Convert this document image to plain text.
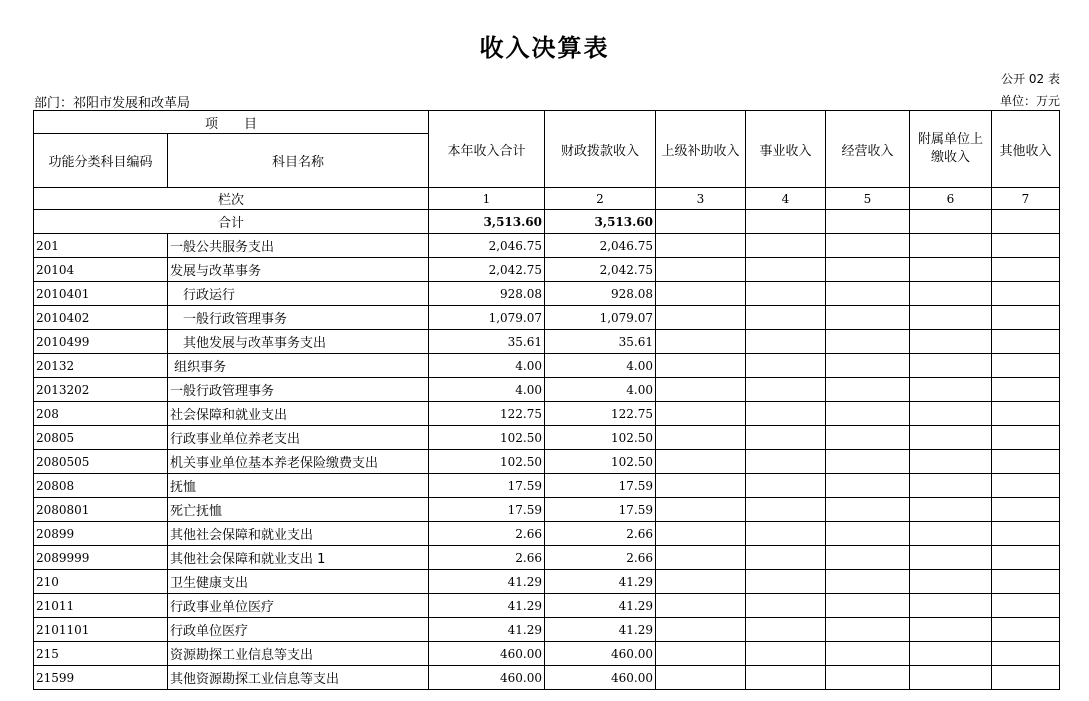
收入决算表
公开 02 表
部门：祁阳市发展和改革局	单位：万元
项　　目		本年收入合计	财政拨款收入	上级补助收入	事业收入	经营收入	附属单位上缴收入	其他收入
功能分类科目编码	科目名称							
栏次		1	2	3	4	5	6	7
合计		3,513.60	3,513.60					
201	一般公共服务支出	2,046.75	2,046.75					
20104	发展与改革事务	2,042.75	2,042.75					
2010401	　行政运行	928.08	928.08					
2010402	　一般行政管理事务	1,079.07	1,079.07					
2010499	　其他发展与改革事务支出	35.61	35.61					
20132	组织事务	4.00	4.00					
2013202	一般行政管理事务	4.00	4.00					
208	社会保障和就业支出	122.75	122.75					
20805	行政事业单位养老支出	102.50	102.50					
2080505	机关事业单位基本养老保险缴费支出	102.50	102.50					
20808	抚恤	17.59	17.59					
2080801	死亡抚恤	17.59	17.59					
20899	其他社会保障和就业支出	2.66	2.66					
2089999	其他社会保障和就业支出 1	2.66	2.66					
210	卫生健康支出	41.29	41.29					
21011	行政事业单位医疗	41.29	41.29					
2101101	行政单位医疗	41.29	41.29					
215	资源勘探工业信息等支出	460.00	460.00					
21599	其他资源勘探工业信息等支出	460.00	460.00					
